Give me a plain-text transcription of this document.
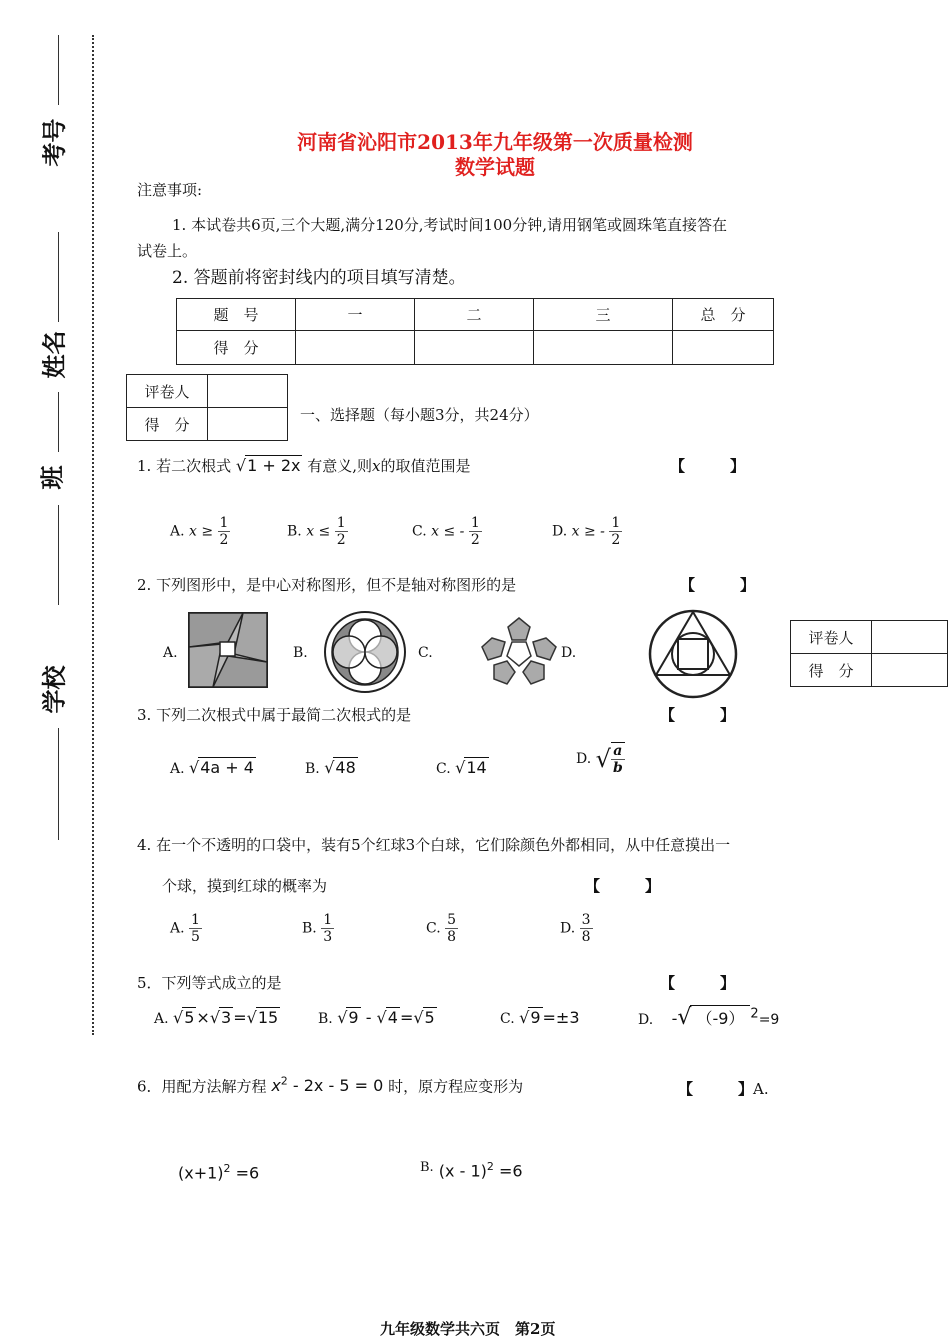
考号
姓名
班
学校
河南省沁阳市2013年九年级第一次质量检测
数学试题
注意事项:
1. 本试卷共6页,三个大题,满分120分,考试时间100分钟,请用钢笔或圆珠笔直接答在
试卷上。
2. 答题前将密封线内的项目填写清楚。
题　号	一	二	三	总　分
得　分				
评卷人	
得　分	
一、选择题（每小题3分，共24分）
评卷人	
得　分	
1. 若二次根式 √1 + 2x 有意义,则x的取值范围是	【　　　】
A. $x \ge \frac{1}{2}$	B. $x \le \frac{1}{2}$	C. x ≤ - $\frac{1}{2}$	D. x ≥ - $\frac{1}{2}$
2. 下列图形中，是中心对称图形，但不是轴对称图形的是	【　　　】
A.	B.	C.	D.
3. 下列二次根式中属于最简二次根式的是	【　　　】
A. √4a + 4	B. √48	C. √14	D. √ $\frac{a}{b}$
4. 在一个不透明的口袋中，装有5个红球3个白球，它们除颜色外都相同，从中任意摸出一
个球，摸到红球的概率为	【　　　】
A. $\frac{1}{5}$	B. $\frac{1}{3}$	C. $\frac{5}{8}$	D. $\frac{3}{8}$
5．下列等式成立的是	【　　　】
A. √5 ×√3 =√15	B. √9 - √4 =√5	C. √9 =±3	D. -√ （-9） $^2$=9
6．用配方法解方程 $x^2 - 2x - 5 = 0$ 时，原方程应变形为	【　　　】A.
$(x+1)^2 =6$	$^{B.}$ (x - 1)$^2$ =6
九年级数学共六页　第2页
